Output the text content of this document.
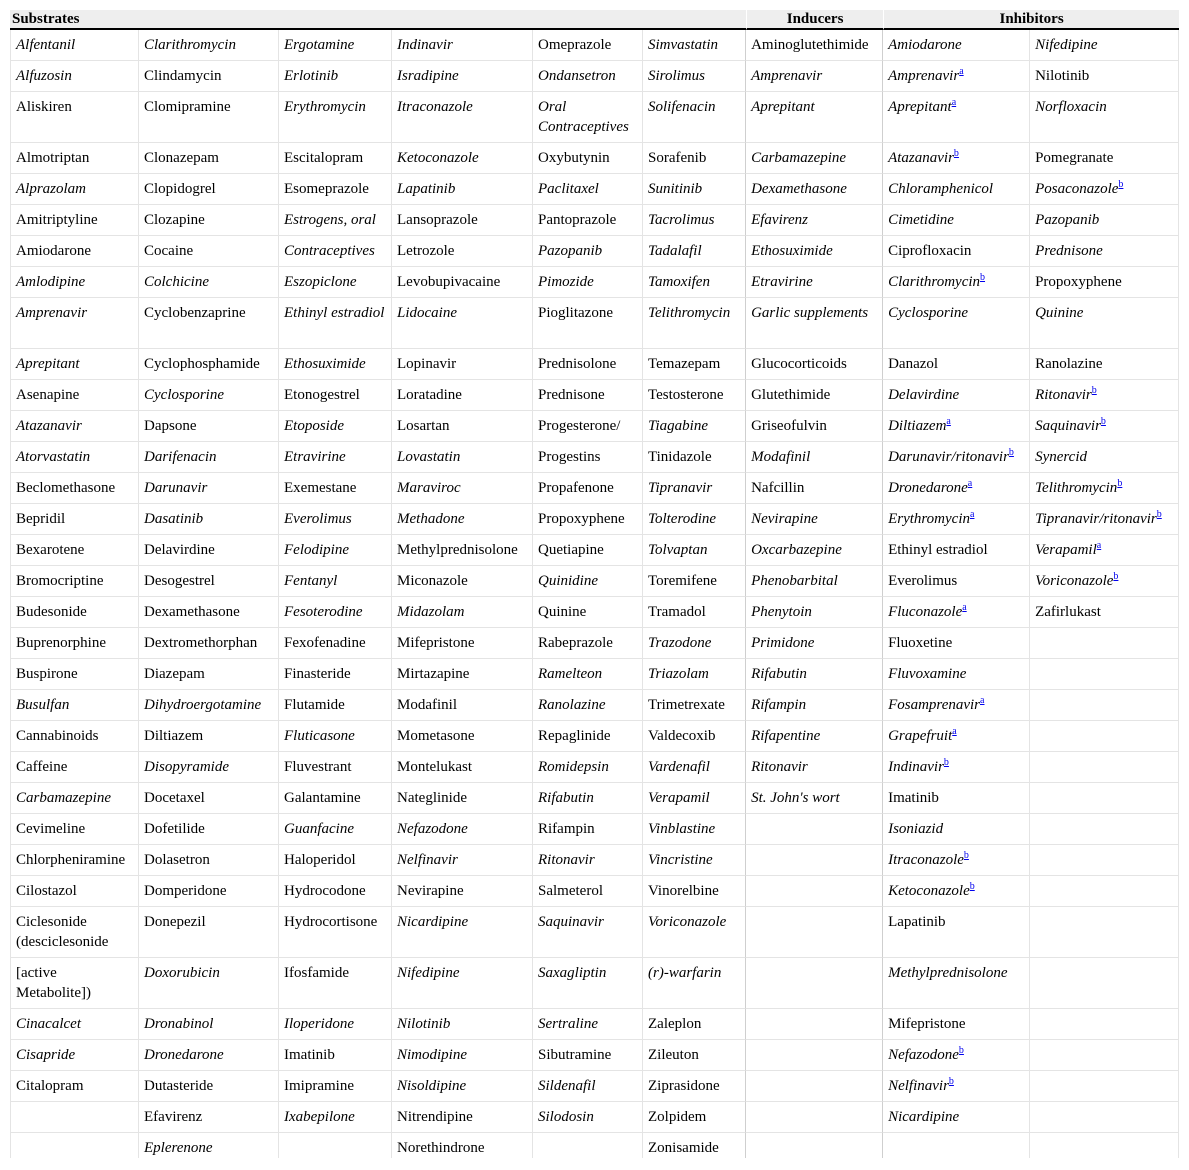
Substrates						Inducers	Inhibitors	
Alfentanil	Clarithromycin	Ergotamine	Indinavir	Omeprazole	Simvastatin	Aminoglutethimide	Amiodarone	Nifedipine
Alfuzosin	Clindamycin	Erlotinib	Isradipine	Ondansetron	Sirolimus	Amprenavir	Amprenavir$^a$	Nilotinib
Aliskiren	Clomipramine	Erythromycin	Itraconazole	Oral Contraceptives	Solifenacin	Aprepitant	Aprepitant$^a$	Norfloxacin
Almotriptan	Clonazepam	Escitalopram	Ketoconazole	Oxybutynin	Sorafenib	Carbamazepine	Atazanavir$^b$	Pomegranate
Alprazolam	Clopidogrel	Esomeprazole	Lapatinib	Paclitaxel	Sunitinib	Dexamethasone	Chloramphenicol	Posaconazole$^b$
Amitriptyline	Clozapine	Estrogens, oral	Lansoprazole	Pantoprazole	Tacrolimus	Efavirenz	Cimetidine	Pazopanib
Amiodarone	Cocaine	Contraceptives	Letrozole	Pazopanib	Tadalafil	Ethosuximide	Ciprofloxacin	Prednisone
Amlodipine	Colchicine	Eszopiclone	Levobupivacaine	Pimozide	Tamoxifen	Etravirine	Clarithromycin$^b$	Propoxyphene
Amprenavir	Cyclobenzaprine	Ethinyl estradiol	Lidocaine	Pioglitazone	Telithromycin	Garlic supplements	Cyclosporine	Quinine
Aprepitant	Cyclophosphamide	Ethosuximide	Lopinavir	Prednisolone	Temazepam	Glucocorticoids	Danazol	Ranolazine
Asenapine	Cyclosporine	Etonogestrel	Loratadine	Prednisone	Testosterone	Glutethimide	Delavirdine	Ritonavir$^b$
Atazanavir	Dapsone	Etoposide	Losartan	Progesterone/	Tiagabine	Griseofulvin	Diltiazem$^a$	Saquinavir$^b$
Atorvastatin	Darifenacin	Etravirine	Lovastatin	Progestins	Tinidazole	Modafinil	Darunavir/ritonavir$^b$	Synercid
Beclomethasone	Darunavir	Exemestane	Maraviroc	Propafenone	Tipranavir	Nafcillin	Dronedarone$^a$	Telithromycin$^b$
Bepridil	Dasatinib	Everolimus	Methadone	Propoxyphene	Tolterodine	Nevirapine	Erythromycin$^a$	Tipranavir/ritonavir$^b$
Bexarotene	Delavirdine	Felodipine	Methylprednisolone	Quetiapine	Tolvaptan	Oxcarbazepine	Ethinyl estradiol	Verapamil$^a$
Bromocriptine	Desogestrel	Fentanyl	Miconazole	Quinidine	Toremifene	Phenobarbital	Everolimus	Voriconazole$^b$
Budesonide	Dexamethasone	Fesoterodine	Midazolam	Quinine	Tramadol	Phenytoin	Fluconazole$^a$	Zafirlukast
Buprenorphine	Dextromethorphan	Fexofenadine	Mifepristone	Rabeprazole	Trazodone	Primidone	Fluoxetine	
Buspirone	Diazepam	Finasteride	Mirtazapine	Ramelteon	Triazolam	Rifabutin	Fluvoxamine	
Busulfan	Dihydroergotamine	Flutamide	Modafinil	Ranolazine	Trimetrexate	Rifampin	Fosamprenavir$^a$	
Cannabinoids	Diltiazem	Fluticasone	Mometasone	Repaglinide	Valdecoxib	Rifapentine	Grapefruit$^a$	
Caffeine	Disopyramide	Fluvestrant	Montelukast	Romidepsin	Vardenafil	Ritonavir	Indinavir$^b$	
Carbamazepine	Docetaxel	Galantamine	Nateglinide	Rifabutin	Verapamil	St. John's wort	Imatinib	
Cevimeline	Dofetilide	Guanfacine	Nefazodone	Rifampin	Vinblastine		Isoniazid	
Chlorpheniramine	Dolasetron	Haloperidol	Nelfinavir	Ritonavir	Vincristine		Itraconazole$^b$	
Cilostazol	Domperidone	Hydrocodone	Nevirapine	Salmeterol	Vinorelbine		Ketoconazole$^b$	
Ciclesonide (desciclesonide	Donepezil	Hydrocortisone	Nicardipine	Saquinavir	Voriconazole		Lapatinib	
[active Metabolite])	Doxorubicin	Ifosfamide	Nifedipine	Saxagliptin	(r)-warfarin		Methylprednisolone	
Cinacalcet	Dronabinol	Iloperidone	Nilotinib	Sertraline	Zaleplon		Mifepristone	
Cisapride	Dronedarone	Imatinib	Nimodipine	Sibutramine	Zileuton		Nefazodone$^b$	
Citalopram	Dutasteride	Imipramine	Nisoldipine	Sildenafil	Ziprasidone		Nelfinavir$^b$	
	Efavirenz	Ixabepilone	Nitrendipine	Silodosin	Zolpidem		Nicardipine	
	Eplerenone		Norethindrone		Zonisamide			
